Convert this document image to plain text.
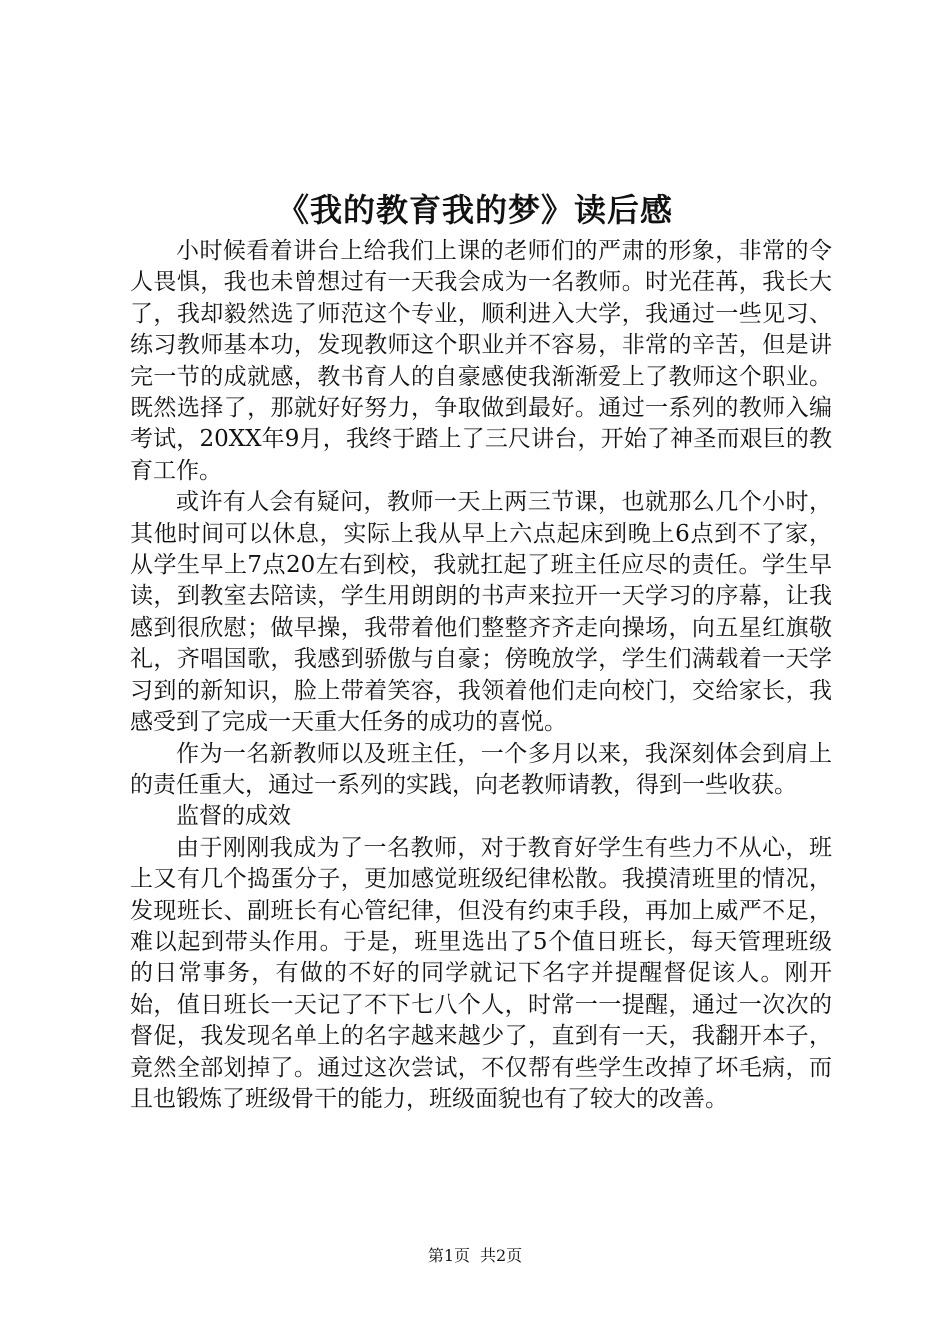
《我的教育我的梦》读后感

小时候看着讲台上给我们上课的老师们的严肃的形象，非常的令人畏惧，我也未曾想过有一天我会成为一名教师。时光荏苒，我长大了，我却毅然选了师范这个专业，顺利进入大学，我通过一些见习、练习教师基本功，发现教师这个职业并不容易，非常的辛苦，但是讲完一节的成就感，教书育人的自豪感使我渐渐爱上了教师这个职业。既然选择了，那就好好努力，争取做到最好。通过一系列的教师入编考试，20XX年9月，我终于踏上了三尺讲台，开始了神圣而艰巨的教育工作。

或许有人会有疑问，教师一天上两三节课，也就那么几个小时，其他时间可以休息，实际上我从早上六点起床到晚上6点到不了家，从学生早上7点20左右到校，我就扛起了班主任应尽的责任。学生早读，到教室去陪读，学生用朗朗的书声来拉开一天学习的序幕，让我感到很欣慰；做早操，我带着他们整整齐齐走向操场，向五星红旗敬礼，齐唱国歌，我感到骄傲与自豪；傍晚放学，学生们满载着一天学习到的新知识，脸上带着笑容，我领着他们走向校门，交给家长，我感受到了完成一天重大任务的成功的喜悦。

作为一名新教师以及班主任，一个多月以来，我深刻体会到肩上的责任重大，通过一系列的实践，向老教师请教，得到一些收获。

监督的成效

由于刚刚我成为了一名教师，对于教育好学生有些力不从心，班上又有几个捣蛋分子，更加感觉班级纪律松散。我摸清班里的情况，发现班长、副班长有心管纪律，但没有约束手段，再加上威严不足，难以起到带头作用。于是，班里选出了5个值日班长，每天管理班级的日常事务，有做的不好的同学就记下名字并提醒督促该人。刚开始，值日班长一天记了不下七八个人，时常一一提醒，通过一次次的督促，我发现名单上的名字越来越少了，直到有一天，我翻开本子，竟然全部划掉了。通过这次尝试，不仅帮有些学生改掉了坏毛病，而且也锻炼了班级骨干的能力，班级面貌也有了较大的改善。

第1页 共2页
